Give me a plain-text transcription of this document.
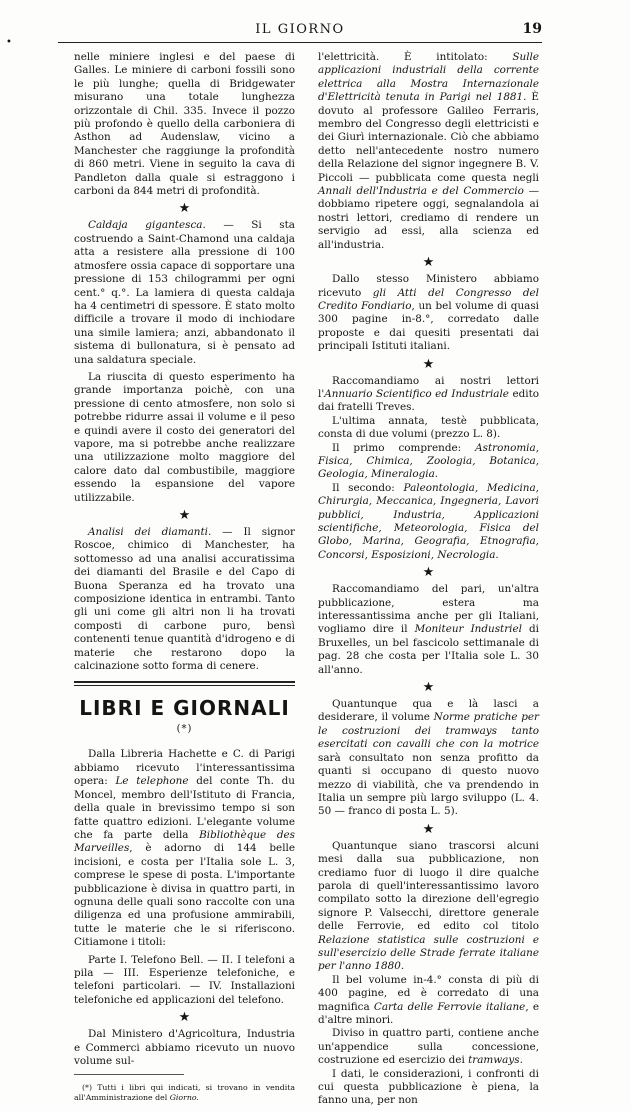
•
IL GIORNO	19

nelle miniere inglesi e del paese di Galles. Le miniere di carboni fossili sono le più lunghe; quella di Bridgewater misurano una totale lunghezza orizzontale di Chil. 335. Invece il pozzo più profondo è quello della carboniera di Asthon ad Audenslaw, vicino a Manchester che raggiunge la profondità di 860 metri. Viene in seguito la cava di Pandleton dalla quale si estraggono i carboni da 844 metri di profondità.

★

Caldaja gigantesca. — Si sta costruendo a Saint-Chamond una caldaja atta a resistere alla pressione di 100 atmosfere ossia capace di sopportare una pressione di 153 chilogrammi per ogni cent.° q.°. La lamiera di questa caldaja ha 4 centimetri di spessore. È stato molto difficile a trovare il modo di inchiodare una simile lamiera; anzi, abbandonato il sistema di bullonatura, si è pensato ad una saldatura speciale.

La riuscita di questo esperimento ha grande importanza poichè, con una pressione di cento atmosfere, non solo si potrebbe ridurre assai il volume e il peso e quindi avere il costo dei generatori del vapore, ma si potrebbe anche realizzare una utilizzazione molto maggiore del calore dato dal combustibile, maggiore essendo la espansione del vapore utilizzabile.

★

Analisi dei diamanti. — Il signor Roscoe, chimico di Manchester, ha sottomesso ad una analisi accuratissima dei diamanti del Brasile e del Capo di Buona Speranza ed ha trovato una composizione identica in entrambi. Tanto gli uni come gli altri non li ha trovati composti di carbone puro, bensì contenenti tenue quantità d'idrogeno e di materie che restarono dopo la calcinazione sotto forma di cenere.

LIBRI E GIORNALI (*)

Dalla Libreria Hachette e C. di Parigi abbiamo ricevuto l'interessantissima opera: Le telephone del conte Th. du Moncel, membro dell'Istituto di Francia, della quale in brevissimo tempo si son fatte quattro edizioni. L'elegante volume che fa parte della Bibliothèque des Marveilles, è adorno di 144 belle incisioni, e costa per l'Italia sole L. 3, comprese le spese di posta. L'importante pubblicazione è divisa in quattro parti, in ognuna delle quali sono raccolte con una diligenza ed una profusione ammirabili, tutte le materie che le si riferiscono. Citiamone i titoli:

Parte I. Telefono Bell. — II. I telefoni a pila — III. Esperienze telefoniche, e telefoni particolari. — IV. Installazioni telefoniche ed applicazioni del telefono.

★

Dal Ministero d'Agricoltura, Industria e Commerci abbiamo ricevuto un nuovo volume sul-

(*) Tutti i libri qui indicati, si trovano in vendita all'Amministrazione del Giorno.

l'elettricità. È intitolato: Sulle applicazioni industriali della corrente elettrica alla Mostra Internazionale d'Elettricità tenuta in Parigi nel 1881. È dovuto al professore Galileo Ferraris, membro del Congresso degli elettricisti e dei Giurì internazionale. Ciò che abbiamo detto nell'antecedente nostro numero della Relazione del signor ingegnere B. V. Piccoli — pubblicata come questa negli Annali dell'Industria e del Commercio — dobbiamo ripetere oggi, segnalandola ai nostri lettori, crediamo di rendere un servigio ad essi, alla scienza ed all'industria.

★

Dallo stesso Ministero abbiamo ricevuto gli Atti del Congresso del Credito Fondiario, un bel volume di quasi 300 pagine in-8.°, corredato dalle proposte e dai quesiti presentati dai principali Istituti italiani.

★

Raccomandiamo ai nostri lettori l'Annuario Scientifico ed Industriale edito dai fratelli Treves.

L'ultima annata, testè pubblicata, consta di due volumi (prezzo L. 8).

Il primo comprende: Astronomia, Fisica, Chimica, Zoologia, Botanica, Geologia, Mineralogia.

Il secondo: Paleontologia, Medicina, Chirurgia, Meccanica, Ingegneria, Lavori pubblici, Industria, Applicazioni scientifiche, Meteorologia, Fisica del Globo, Marina, Geografia, Etnografia, Concorsi, Esposizioni, Necrologia.

★

Raccomandiamo del pari, un'altra pubblicazione, estera ma interessantissima anche per gli Italiani, vogliamo dire il Moniteur Industriel di Bruxelles, un bel fascicolo settimanale di pag. 28 che costa per l'Italia sole L. 30 all'anno.

★

Quantunque qua e là lasci a desiderare, il volume Norme pratiche per le costruzioni dei tramways tanto esercitati con cavalli che con la motrice sarà consultato non senza profitto da quanti si occupano di questo nuovo mezzo di viabilità, che va prendendo in Italia un sempre più largo sviluppo (L. 4. 50 — franco di posta L. 5).

★

Quantunque siano trascorsi alcuni mesi dalla sua pubblicazione, non crediamo fuor di luogo il dire qualche parola di quell'interessantissimo lavoro compilato sotto la direzione dell'egregio signore P. Valsecchi, direttore generale delle Ferrovie, ed edito col titolo Relazione statistica sulle costruzioni e sull'esercizio delle Strade ferrate italiane per l'anno 1880.

Il bel volume in-4.° consta di più di 400 pagine, ed è corredato di una magnifica Carta delle Ferrovie italiane, e d'altre minori.

Diviso in quattro parti, contiene anche un'appendice sulla concessione, costruzione ed esercizio dei tramways.

I dati, le considerazioni, i confronti di cui questa pubblicazione è piena, la fanno una, per non
